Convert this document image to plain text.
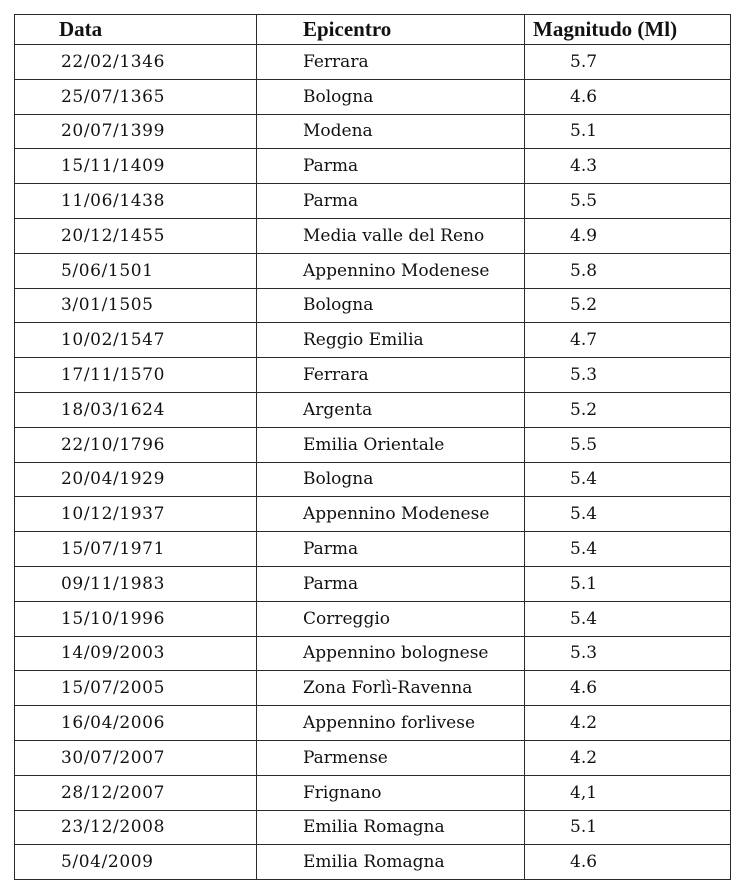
Data	Epicentro	Magnitudo (Ml)
22/02/1346	Ferrara	5.7
25/07/1365	Bologna	4.6
20/07/1399	Modena	5.1
15/11/1409	Parma	4.3
11/06/1438	Parma	5.5
20/12/1455	Media valle del Reno	4.9
5/06/1501	Appennino Modenese	5.8
3/01/1505	Bologna	5.2
10/02/1547	Reggio Emilia	4.7
17/11/1570	Ferrara	5.3
18/03/1624	Argenta	5.2
22/10/1796	Emilia Orientale	5.5
20/04/1929	Bologna	5.4
10/12/1937	Appennino Modenese	5.4
15/07/1971	Parma	5.4
09/11/1983	Parma	5.1
15/10/1996	Correggio	5.4
14/09/2003	Appennino bolognese	5.3
15/07/2005	Zona Forlì-Ravenna	4.6
16/04/2006	Appennino forlivese	4.2
30/07/2007	Parmense	4.2
28/12/2007	Frignano	4,1
23/12/2008	Emilia Romagna	5.1
5/04/2009	Emilia Romagna	4.6
